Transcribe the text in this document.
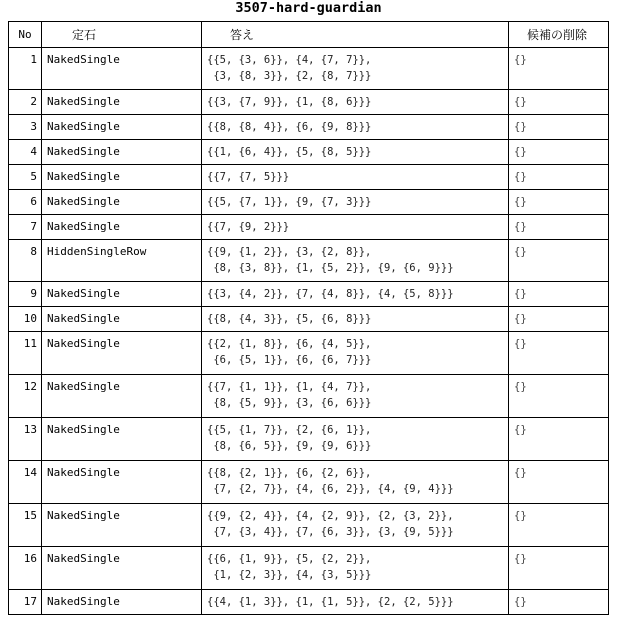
3507-hard-guardian
No	定石	答え	候補の削除
1	NakedSingle	{{5, {3, 6}}, {4, {7, 7}},
{3, {8, 3}}, {2, {8, 7}}}	{}
2	NakedSingle	{{3, {7, 9}}, {1, {8, 6}}}	{}
3	NakedSingle	{{8, {8, 4}}, {6, {9, 8}}}	{}
4	NakedSingle	{{1, {6, 4}}, {5, {8, 5}}}	{}
5	NakedSingle	{{7, {7, 5}}}	{}
6	NakedSingle	{{5, {7, 1}}, {9, {7, 3}}}	{}
7	NakedSingle	{{7, {9, 2}}}	{}
8	HiddenSingleRow	{{9, {1, 2}}, {3, {2, 8}},
{8, {3, 8}}, {1, {5, 2}}, {9, {6, 9}}}	{}
9	NakedSingle	{{3, {4, 2}}, {7, {4, 8}}, {4, {5, 8}}}	{}
10	NakedSingle	{{8, {4, 3}}, {5, {6, 8}}}	{}
11	NakedSingle	{{2, {1, 8}}, {6, {4, 5}},
{6, {5, 1}}, {6, {6, 7}}}	{}
12	NakedSingle	{{7, {1, 1}}, {1, {4, 7}},
{8, {5, 9}}, {3, {6, 6}}}	{}
13	NakedSingle	{{5, {1, 7}}, {2, {6, 1}},
{8, {6, 5}}, {9, {9, 6}}}	{}
14	NakedSingle	{{8, {2, 1}}, {6, {2, 6}},
{7, {2, 7}}, {4, {6, 2}}, {4, {9, 4}}}	{}
15	NakedSingle	{{9, {2, 4}}, {4, {2, 9}}, {2, {3, 2}},
{7, {3, 4}}, {7, {6, 3}}, {3, {9, 5}}}	{}
16	NakedSingle	{{6, {1, 9}}, {5, {2, 2}},
{1, {2, 3}}, {4, {3, 5}}}	{}
17	NakedSingle	{{4, {1, 3}}, {1, {1, 5}}, {2, {2, 5}}}	{}
